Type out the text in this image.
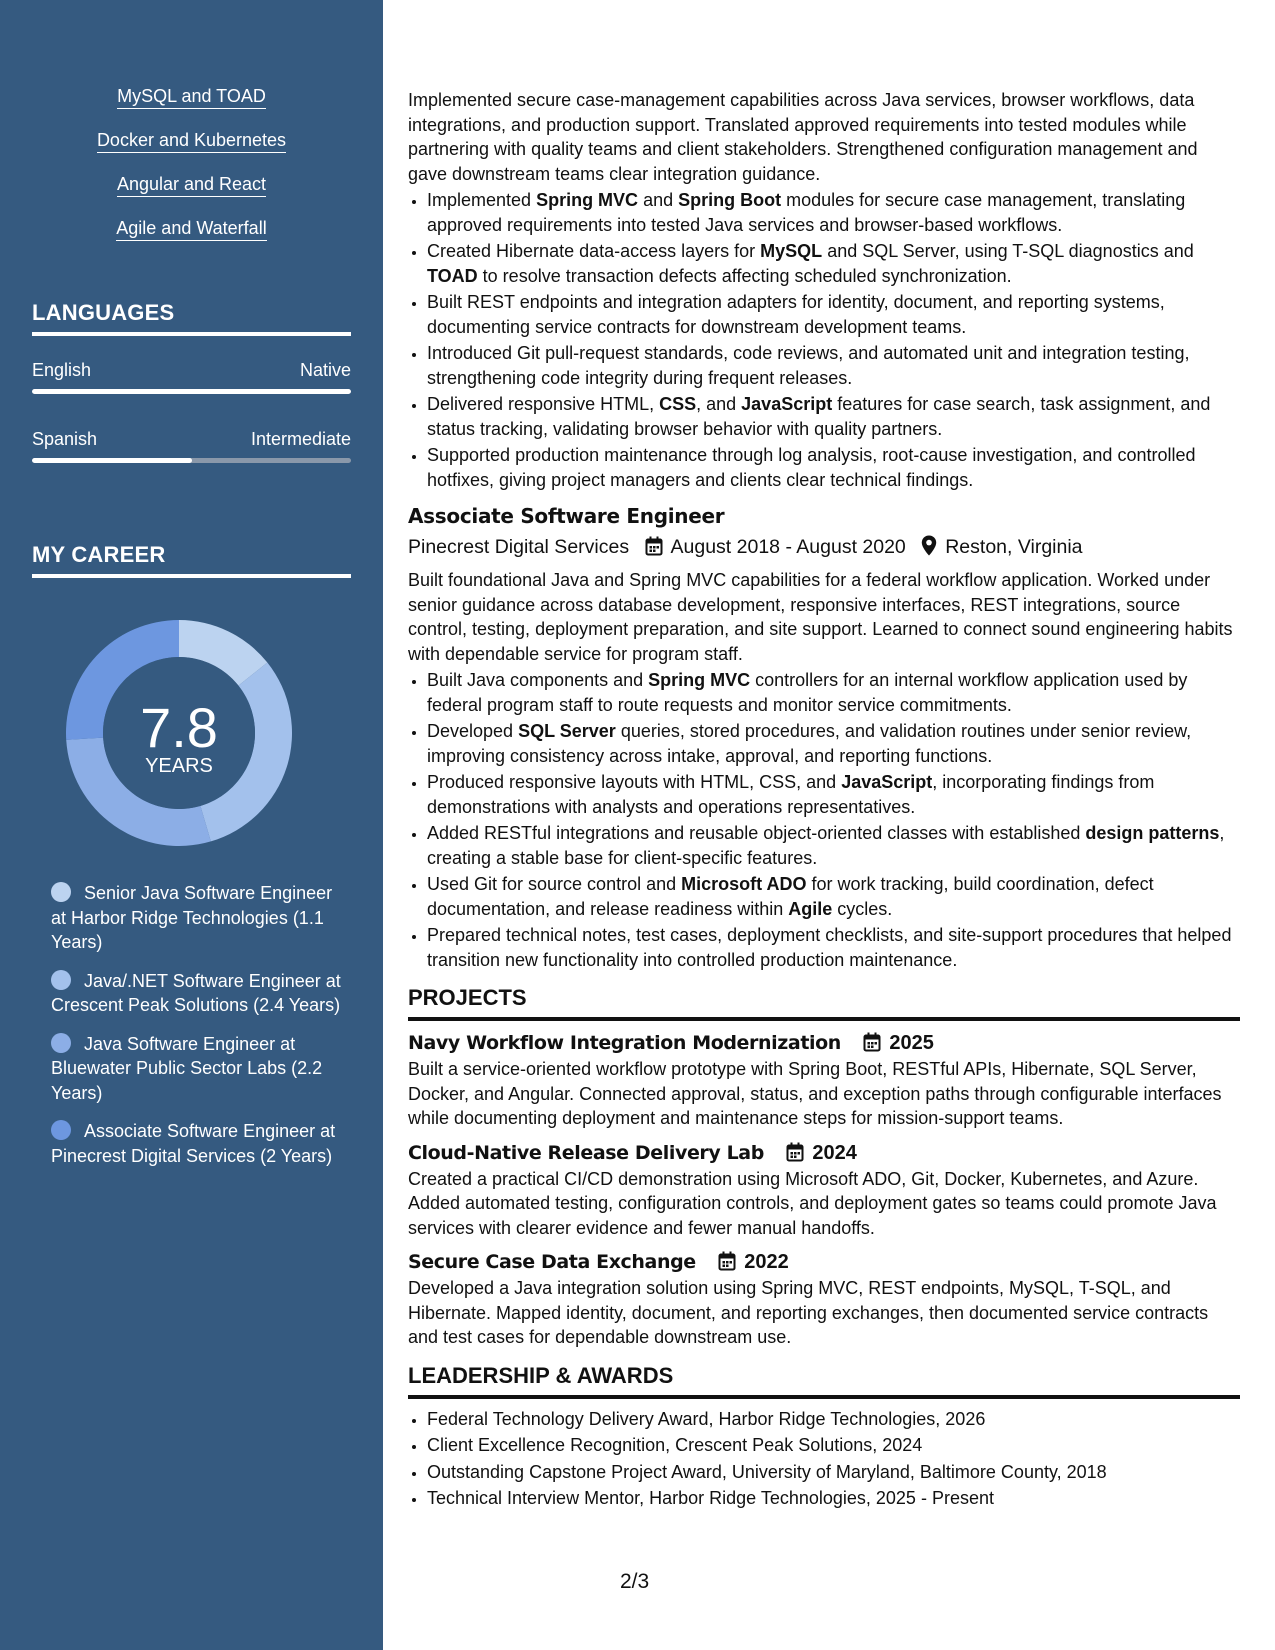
MySQL and TOAD
Docker and Kubernetes
Angular and React
Agile and Waterfall
LANGUAGES
English	Native
Spanish	Intermediate
MY CAREER
7.8
YEARS
Senior Java Software Engineer at Harbor Ridge Technologies (1.1 Years)
Java/.NET Software Engineer at Crescent Peak Solutions (2.4 Years)
Java Software Engineer at Bluewater Public Sector Labs (2.2 Years)
Associate Software Engineer at Pinecrest Digital Services (2 Years)

Implemented secure case-management capabilities across Java services, browser workflows, data integrations, and production support. Translated approved requirements into tested modules while partnering with quality teams and client stakeholders. Strengthened configuration management and gave downstream teams clear integration guidance.

• Implemented Spring MVC and Spring Boot modules for secure case management, translating approved requirements into tested Java services and browser-based workflows.
• Created Hibernate data-access layers for MySQL and SQL Server, using T-SQL diagnostics and TOAD to resolve transaction defects affecting scheduled synchronization.
• Built REST endpoints and integration adapters for identity, document, and reporting systems, documenting service contracts for downstream development teams.
• Introduced Git pull-request standards, code reviews, and automated unit and integration testing, strengthening code integrity during frequent releases.
• Delivered responsive HTML, CSS, and JavaScript features for case search, task assignment, and status tracking, validating browser behavior with quality partners.
• Supported production maintenance through log analysis, root-cause investigation, and controlled hotfixes, giving project managers and clients clear technical findings.
Associate Software Engineer
Pinecrest Digital Services August 2018 - August 2020 Reston, Virginia

Built foundational Java and Spring MVC capabilities for a federal workflow application. Worked under senior guidance across database development, responsive interfaces, REST integrations, source control, testing, deployment preparation, and site support. Learned to connect sound engineering habits with dependable service for program staff.

• Built Java components and Spring MVC controllers for an internal workflow application used by federal program staff to route requests and monitor service commitments.
• Developed SQL Server queries, stored procedures, and validation routines under senior review, improving consistency across intake, approval, and reporting functions.
• Produced responsive layouts with HTML, CSS, and JavaScript, incorporating findings from demonstrations with analysts and operations representatives.
• Added RESTful integrations and reusable object-oriented classes with established design patterns, creating a stable base for client-specific features.
• Used Git for source control and Microsoft ADO for work tracking, build coordination, defect documentation, and release readiness within Agile cycles.
• Prepared technical notes, test cases, deployment checklists, and site-support procedures that helped transition new functionality into controlled production maintenance.
PROJECTS
Navy Workflow Integration Modernization 2025

Built a service-oriented workflow prototype with Spring Boot, RESTful APIs, Hibernate, SQL Server, Docker, and Angular. Connected approval, status, and exception paths through configurable interfaces while documenting deployment and maintenance steps for mission-support teams.

Cloud-Native Release Delivery Lab 2024

Created a practical CI/CD demonstration using Microsoft ADO, Git, Docker, Kubernetes, and Azure. Added automated testing, configuration controls, and deployment gates so teams could promote Java services with clearer evidence and fewer manual handoffs.

Secure Case Data Exchange 2022

Developed a Java integration solution using Spring MVC, REST endpoints, MySQL, T-SQL, and Hibernate. Mapped identity, document, and reporting exchanges, then documented service contracts and test cases for dependable downstream use.

LEADERSHIP & AWARDS
• Federal Technology Delivery Award, Harbor Ridge Technologies, 2026
• Client Excellence Recognition, Crescent Peak Solutions, 2024
• Outstanding Capstone Project Award, University of Maryland, Baltimore County, 2018
• Technical Interview Mentor, Harbor Ridge Technologies, 2025 - Present
2/3
